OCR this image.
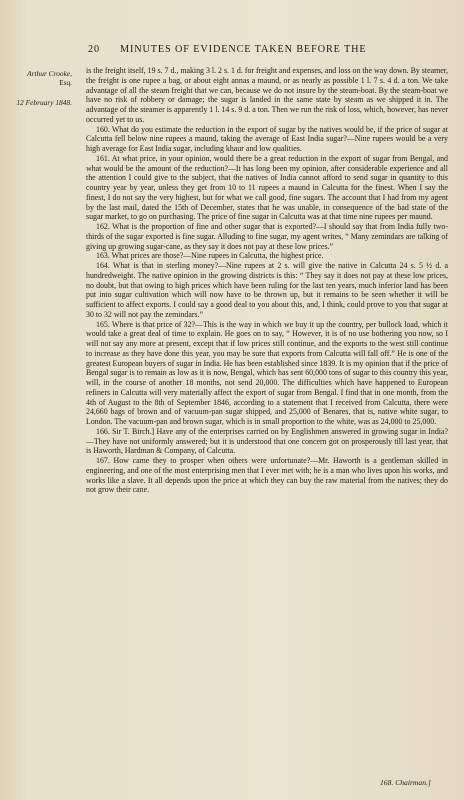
20 MINUTES OF EVIDENCE TAKEN BEFORE THE
Arthur Crooke,
Esq.
12 February 1848.

is the freight itself, 19 s. 7 d., making 3 l. 2 s. 1 d. for freight and expenses, and loss on the way down. By steamer, the freight is one rupee a bag, or about eight annas a maund, or as nearly as possible 1 l. 7 s. 4 d. a ton. We take advantage of all the steam freight that we can, because we do not insure by the steam-boat. By the steam-boat we have no risk of robbery or damage; the sugar is landed in the same state by steam as we shipped it in. The advantage of the steamer is apparently 1 l. 14 s. 9 d. a ton. Then we run the risk of loss, which, however, has never occurred yet to us.

160. What do you estimate the reduction in the export of sugar by the natives would be, if the price of sugar at Calcutta fell below nine rupees a maund, taking the average of East India sugar?—Nine rupees would be a very high average for East India sugar, including khaur and low qualities.

161. At what price, in your opinion, would there be a great reduction in the export of sugar from Bengal, and what would be the amount of the reduction?—It has long been my opinion, after considerable experience and all the attention I could give to the subject, that the natives of India cannot afford to send sugar in quantity to this country year by year, unless they get from 10 to 11 rupees a maund in Calcutta for the finest. When I say the finest, I do not say the very highest, but for what we call good, fine sugars. The account that I had from my agent by the last mail, dated the 15th of December, states that he was unable, in consequence of the bad state of the sugar market, to go on purchasing. The price of fine sugar in Calcutta was at that time nine rupees per maund.

162. What is the proportion of fine and other sugar that is exported?—I should say that from India fully two-thirds of the sugar exported is fine sugar. Alluding to fine sugar, my agent writes, “ Many zemindars are talking of giving up growing sugar-cane, as they say it does not pay at these low prices.”

163. What prices are those?—Nine rupees in Calcutta, the highest price.

164. What is that in sterling money?—Nine rupees at 2 s. will give the native in Calcutta 24 s. 5 ½ d. a hundredweight. The native opinion in the growing districts is this: “ They say it does not pay at these low prices, no doubt, but that owing to high prices which have been ruling for the last ten years, much inferior land has been put into sugar cultivation which will now have to be thrown up, but it remains to be seen whether it will be sufficient to affect exports. I could say a good deal to you about this, and, I think, could prove to you that sugar at 30 to 32 will not pay the zemindars.”

165. Where is that price of 32?—This is the way in which we buy it up the country, per bullock load, which it would take a great deal of time to explain. He goes on to say, “ However, it is of no use bothering you now, so I will not say any more at present, except that if low prices still continue, and the exports to the west still continue to increase as they have done this year, you may be sure that exports from Calcutta will fall off.” He is one of the greatest European buyers of sugar in India. He has been established since 1839. It is my opinion that if the price of Bengal sugar is to remain as low as it is now, Bengal, which has sent 60,000 tons of sugar to this country this year, will, in the course of another 18 months, not send 20,000. The difficulties which have happened to European refiners in Calcutta will very materially affect the export of sugar from Bengal. I find that in one month, from the 4th of August to the 8th of September 1846, according to a statement that I received from Calcutta, there were 24,660 bags of brown and of vacuum-pan sugar shipped, and 25,000 of Benares, that is, native white sugar, to London. The vacuum-pan and brown sugar, which is in small proportion to the white, was as 24,000 to 25,000.

166. Sir T. Birch.] Have any of the enterprises carried on by Englishmen answered in growing sugar in India?—They have not uniformly answered; but it is understood that one concern got on prosperously till last year, that is Haworth, Hardman & Company, of Calcutta.

167. How came they to prosper when others were unfortunate?—Mr. Haworth is a gentleman skilled in engineering, and one of the most enterprising men that I ever met with; he is a man who lives upon his works, and works like a slave. It all depends upon the price at which they can buy the raw material from the natives; they do not grow their cane.

168. Chairman.]
